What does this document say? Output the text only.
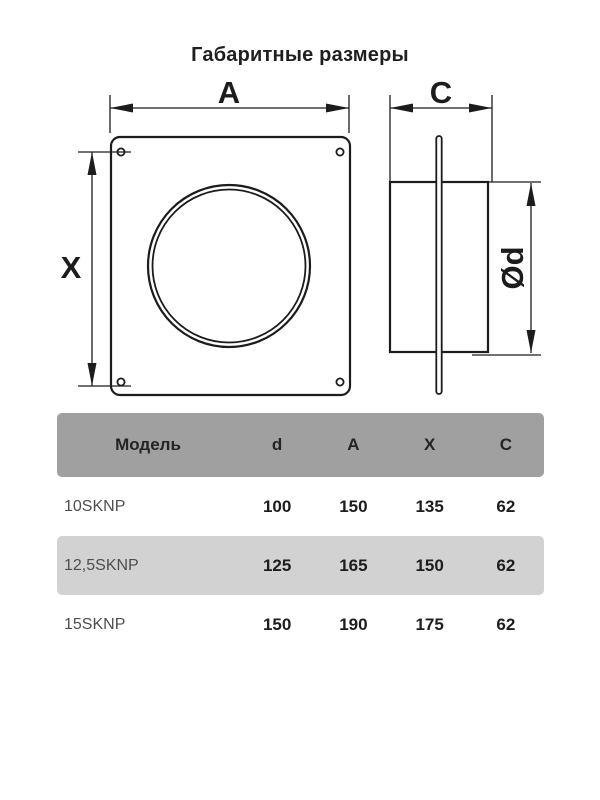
Габаритные размеры
A
X
C
Ød
Модель	d	A	X	C
10SKNP	100	150	135	62
12,5SKNP	125	165	150	62
15SKNP	150	190	175	62
